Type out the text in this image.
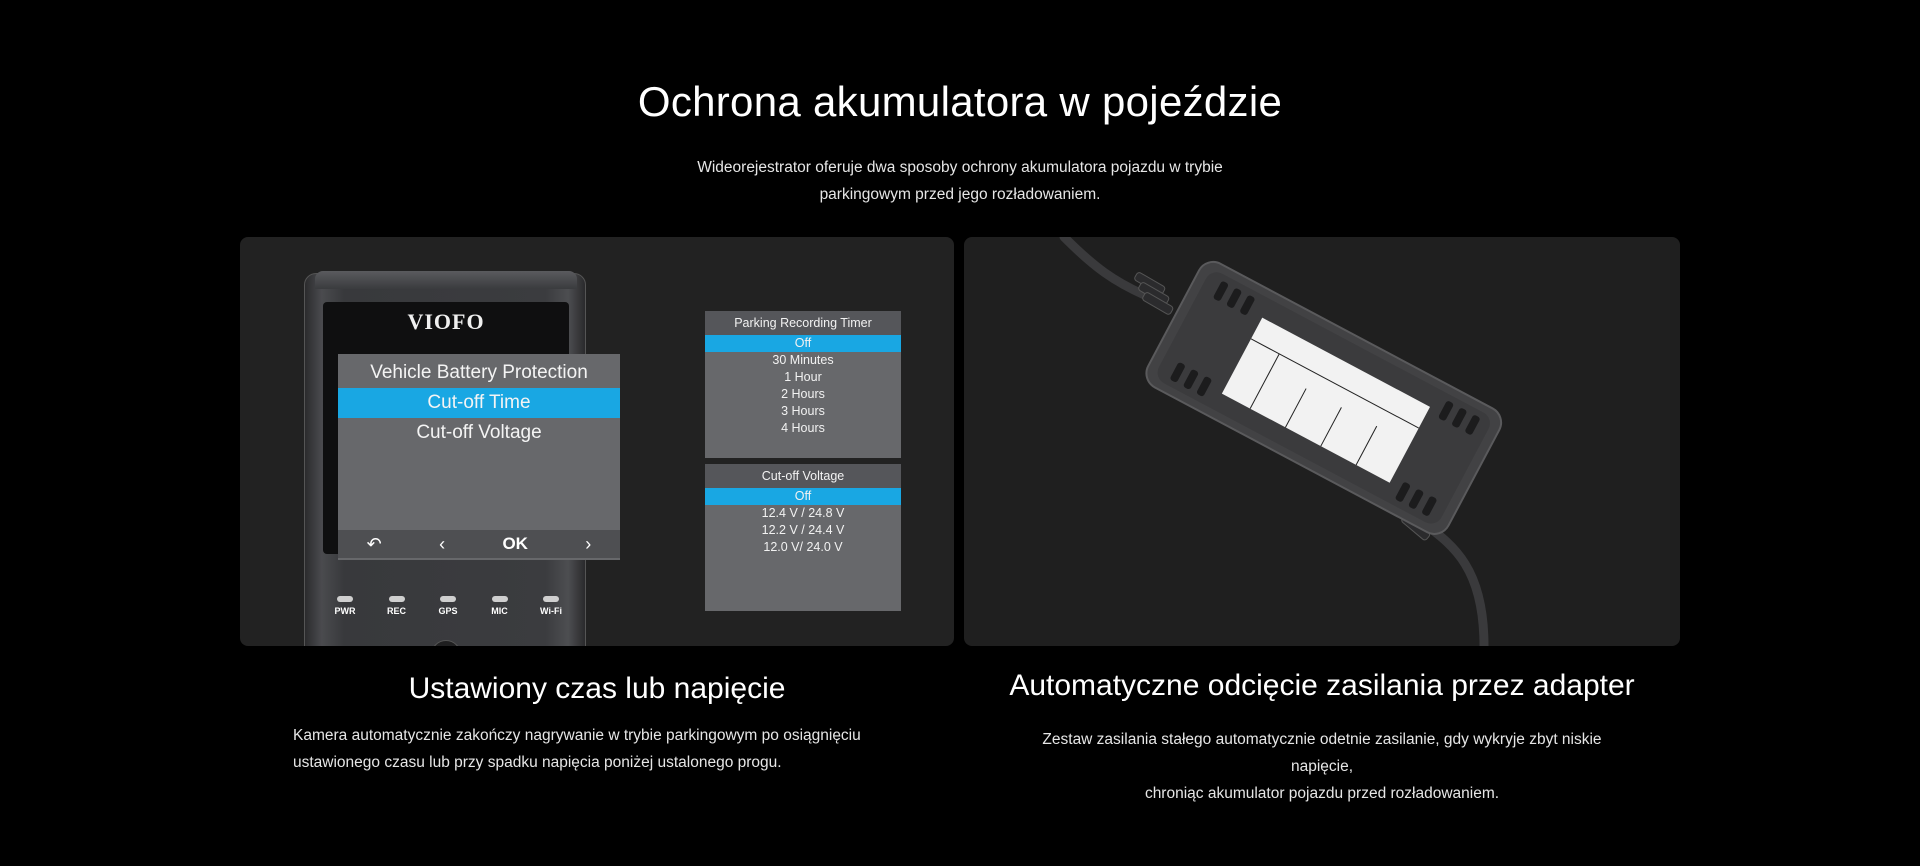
Ochrona akumulatora w pojeździe

Wideorejestrator oferuje dwa sposoby ochrony akumulatora pojazdu w trybie parkingowym przed jego rozładowaniem.

VIOFO
Vehicle Battery Protection
Cut-off Time
Cut-off Voltage
↶	‹	OK	›
PWR	REC	GPS	MIC	Wi-Fi
Parking Recording Timer
Off
30 Minutes
1 Hour
2 Hours
3 Hours
4 Hours
Cut-off Voltage
Off
12.4 V / 24.8 V
12.2 V / 24.4 V
12.0 V/ 24.0 V
Ustawiony czas lub napięcie

Kamera automatycznie zakończy nagrywanie w trybie parkingowym po osiągnięciu
ustawionego czasu lub przy spadku napięcia poniżej ustalonego progu.

Automatyczne odcięcie zasilania przez adapter

Zestaw zasilania stałego automatycznie odetnie zasilanie, gdy wykryje zbyt niskie napięcie,
chroniąc akumulator pojazdu przed rozładowaniem.
